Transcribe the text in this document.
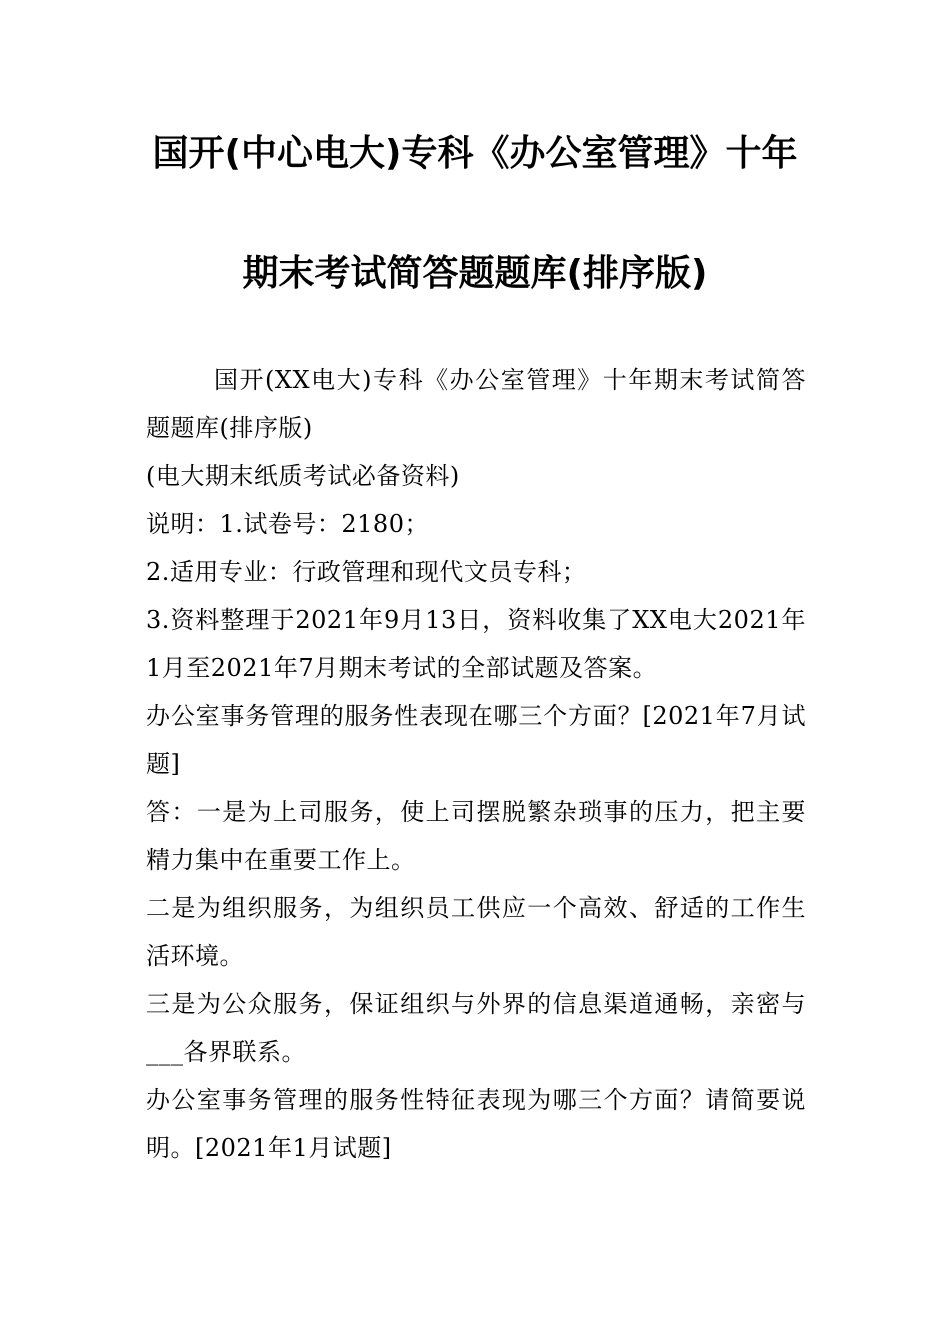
国开(中心电大)专科《办公室管理》十年
期末考试简答题题库(排序版)

国开(XX电大)专科《办公室管理》十年期末考试简答题题库(排序版)

(电大期末纸质考试必备资料)

说明：1.试卷号：2180；

2.适用专业：行政管理和现代文员专科；

3.资料整理于2021年9月13日，资料收集了XX电大2021年1月至2021年7月期末考试的全部试题及答案。

办公室事务管理的服务性表现在哪三个方面？[2021年7月试题]

答：一是为上司服务，使上司摆脱繁杂琐事的压力，把主要精力集中在重要工作上。

二是为组织服务，为组织员工供应一个高效、舒适的工作生活环境。

三是为公众服务，保证组织与外界的信息渠道通畅，亲密与___各界联系。

办公室事务管理的服务性特征表现为哪三个方面？请简要说明。[2021年1月试题]
